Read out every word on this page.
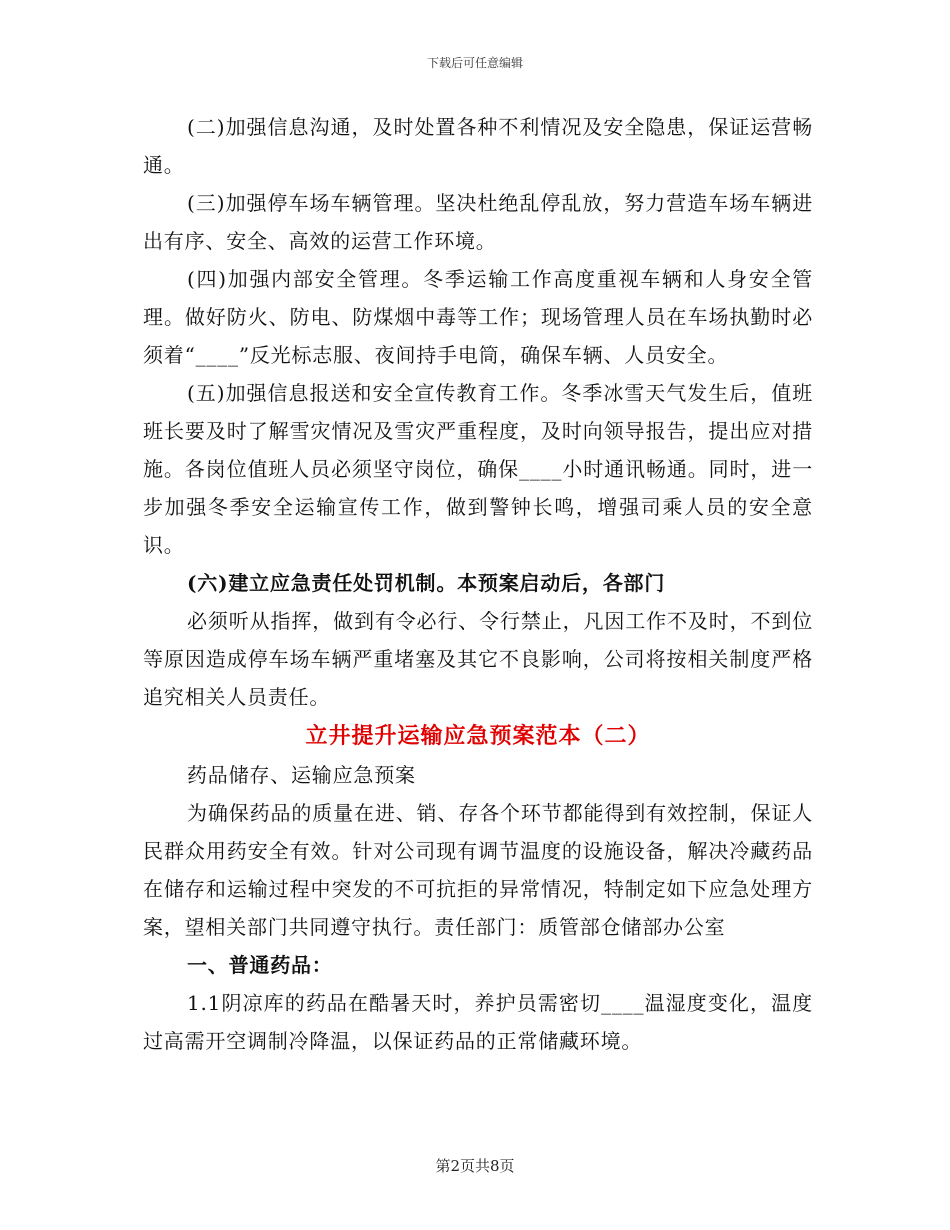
下载后可任意编辑

(二)加强信息沟通，及时处置各种不利情况及安全隐患，保证运营畅通。

(三)加强停车场车辆管理。坚决杜绝乱停乱放，努力营造车场车辆进出有序、安全、高效的运营工作环境。

(四)加强内部安全管理。冬季运输工作高度重视车辆和人身安全管理。做好防火、防电、防煤烟中毒等工作；现场管理人员在车场执勤时必须着“____”反光标志服、夜间持手电筒，确保车辆、人员安全。

(五)加强信息报送和安全宣传教育工作。冬季冰雪天气发生后，值班班长要及时了解雪灾情况及雪灾严重程度，及时向领导报告，提出应对措施。各岗位值班人员必须坚守岗位，确保____小时通讯畅通。同时，进一步加强冬季安全运输宣传工作，做到警钟长鸣，增强司乘人员的安全意识。

(六)建立应急责任处罚机制。本预案启动后，各部门

必须听从指挥，做到有令必行、令行禁止，凡因工作不及时，不到位等原因造成停车场车辆严重堵塞及其它不良影响，公司将按相关制度严格追究相关人员责任。

立井提升运输应急预案范本（二）

药品储存、运输应急预案

为确保药品的质量在进、销、存各个环节都能得到有效控制，保证人民群众用药安全有效。针对公司现有调节温度的设施设备，解决冷藏药品在储存和运输过程中突发的不可抗拒的异常情况，特制定如下应急处理方案，望相关部门共同遵守执行。责任部门：质管部仓储部办公室

一、普通药品：

1.1阴凉库的药品在酷暑天时，养护员需密切____温湿度变化，温度过高需开空调制冷降温，以保证药品的正常储藏环境。

第2页共8页
